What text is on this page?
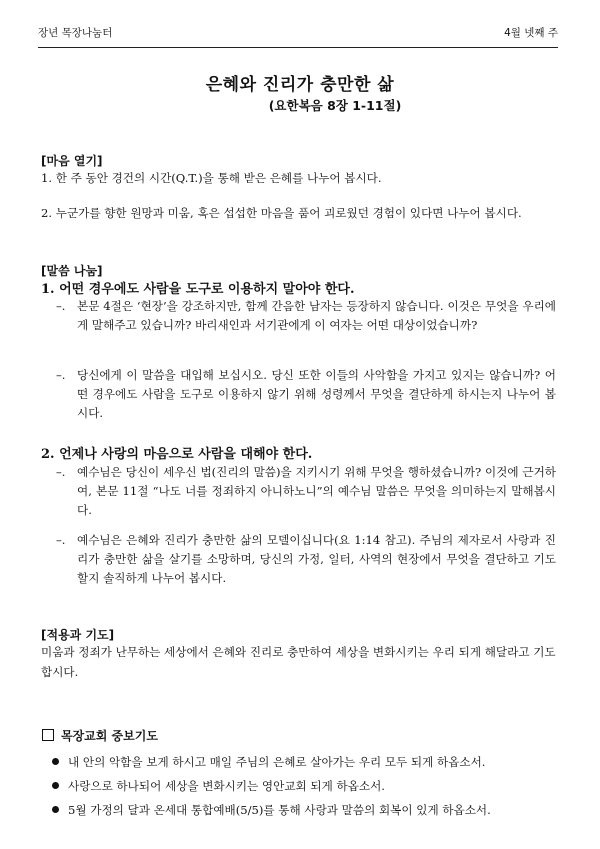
장년 목장나눔터	4월 넷째 주
은혜와 진리가 충만한 삶
(요한복음 8장 1-11절)
[마음 열기]
1. 한 주 동안 경건의 시간(Q.T.)을 통해 받은 은혜를 나누어 봅시다.
2. 누군가를 향한 원망과 미움, 혹은 섭섭한 마음을 품어 괴로웠던 경험이 있다면 나누어 봅시다.
[말씀 나눔]
1. 어떤 경우에도 사람을 도구로 이용하지 말아야 한다.
–. 본문 4절은 ‘현장’을 강조하지만, 함께 간음한 남자는 등장하지 않습니다. 이것은 무엇을 우리에게 말해주고 있습니까? 바리새인과 서기관에게 이 여자는 어떤 대상이었습니까?
–. 당신에게 이 말씀을 대입해 보십시오. 당신 또한 이들의 사악함을 가지고 있지는 않습니까? 어떤 경우에도 사람을 도구로 이용하지 않기 위해 성령께서 무엇을 결단하게 하시는지 나누어 봅시다.
2. 언제나 사랑의 마음으로 사람을 대해야 한다.
–. 예수님은 당신이 세우신 법(진리의 말씀)을 지키시기 위해 무엇을 행하셨습니까? 이것에 근거하여, 본문 11절 “나도 너를 정죄하지 아니하노니”의 예수님 말씀은 무엇을 의미하는지 말해봅시다.
–. 예수님은 은혜와 진리가 충만한 삶의 모델이십니다(요 1:14 참고). 주님의 제자로서 사랑과 진리가 충만한 삶을 살기를 소망하며, 당신의 가정, 일터, 사역의 현장에서 무엇을 결단하고 기도할지 솔직하게 나누어 봅시다.
[적용과 기도]
미움과 정죄가 난무하는 세상에서 은혜와 진리로 충만하여 세상을 변화시키는 우리 되게 해달라고 기도합시다.
목장교회 중보기도
내 안의 악함을 보게 하시고 매일 주님의 은혜로 살아가는 우리 모두 되게 하옵소서.
사랑으로 하나되어 세상을 변화시키는 영안교회 되게 하옵소서.
5월 가정의 달과 온세대 통합예배(5/5)를 통해 사랑과 말씀의 회복이 있게 하옵소서.
